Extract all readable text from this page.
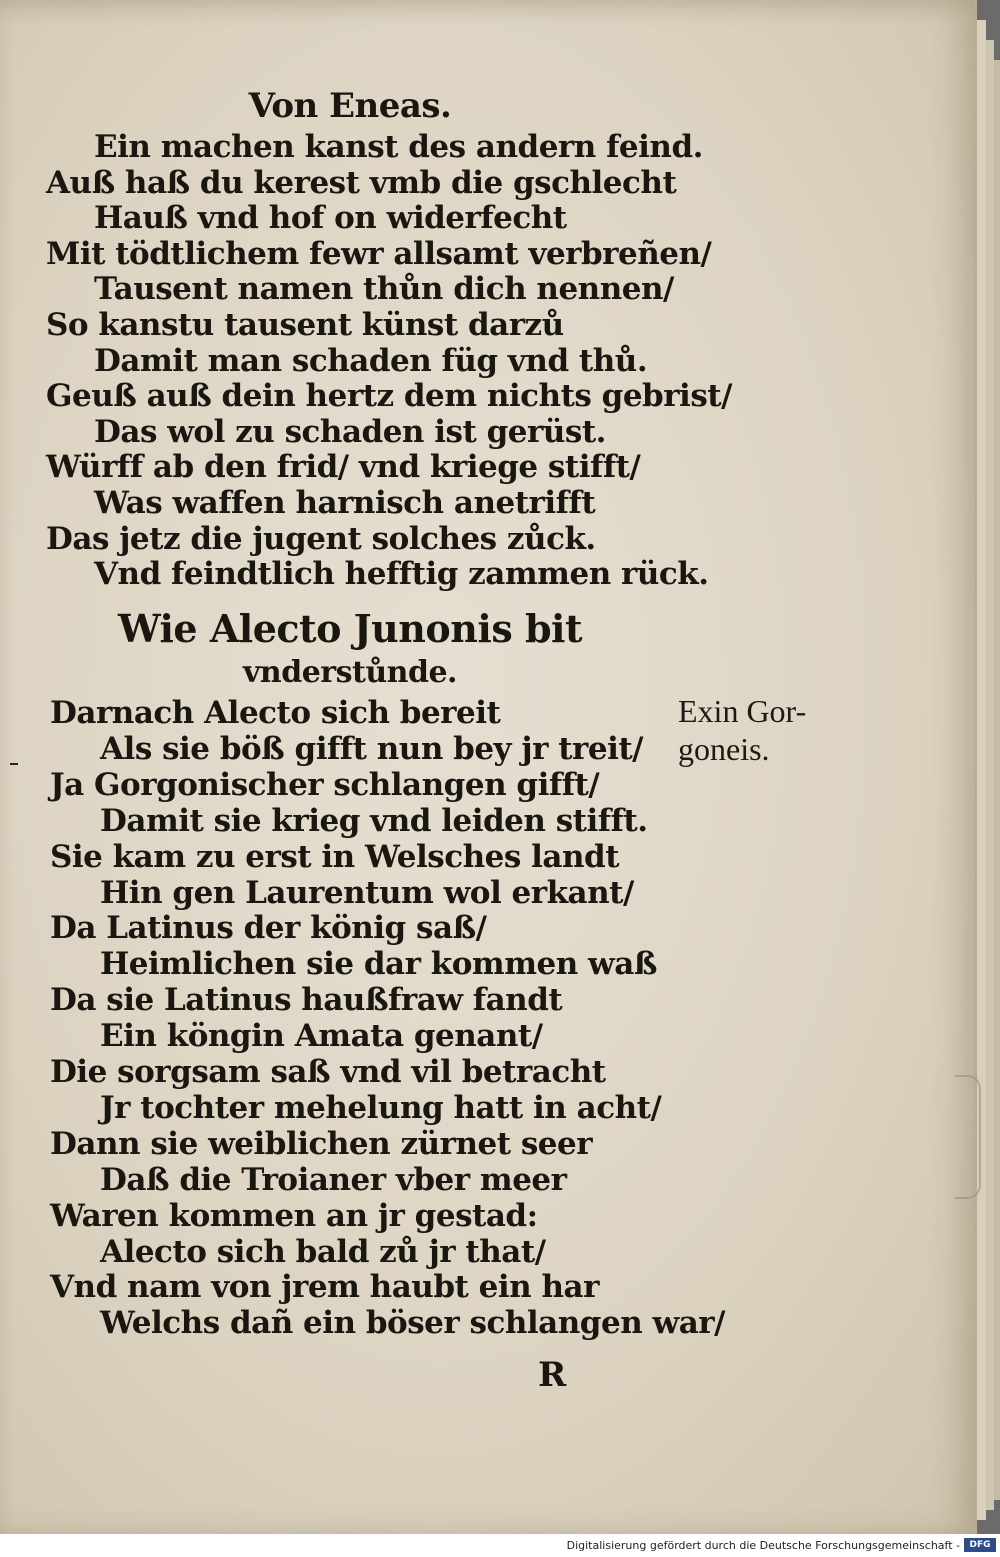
Von Eneas.
Ein machen kanst des andern feind.
Auß haß du kerest vmb die gschlecht
Hauß vnd hof on widerfecht
Mit tödtlichem fewr allsamt verbreñen/
Tausent namen thůn dich nennen/
So kanstu tausent künst darzů
Damit man schaden füg vnd thů.
Geuß auß dein hertz dem nichts gebrist/
Das wol zu schaden ist gerüst.
Würff ab den frid/ vnd kriege stifft/
Was waffen harnisch anetrifft
Das jetz die jugent solches zůck.
Vnd feindtlich hefftig zammen rück.
Wie Alecto Junonis bit
vnderstůnde.
Darnach Alecto sich bereit
Als sie böß gifft nun bey jr treit/
Ja Gorgonischer schlangen gifft/
Damit sie krieg vnd leiden stifft.
Sie kam zu erst in Welsches landt
Hin gen Laurentum wol erkant/
Da Latinus der könig saß/
Heimlichen sie dar kommen waß
Da sie Latinus haußfraw fandt
Ein köngin Amata genant/
Die sorgsam saß vnd vil betracht
Jr tochter mehelung hatt in acht/
Dann sie weiblichen zürnet seer
Daß die Troianer vber meer
Waren kommen an jr gestad:
Alecto sich bald zů jr that/
Vnd nam von jrem haubt ein har
Welchs dañ ein böser schlangen war/
Exin Gor-
goneis.
R
Digitalisierung gefördert durch die Deutsche Forschungsgemeinschaft -	DFG
